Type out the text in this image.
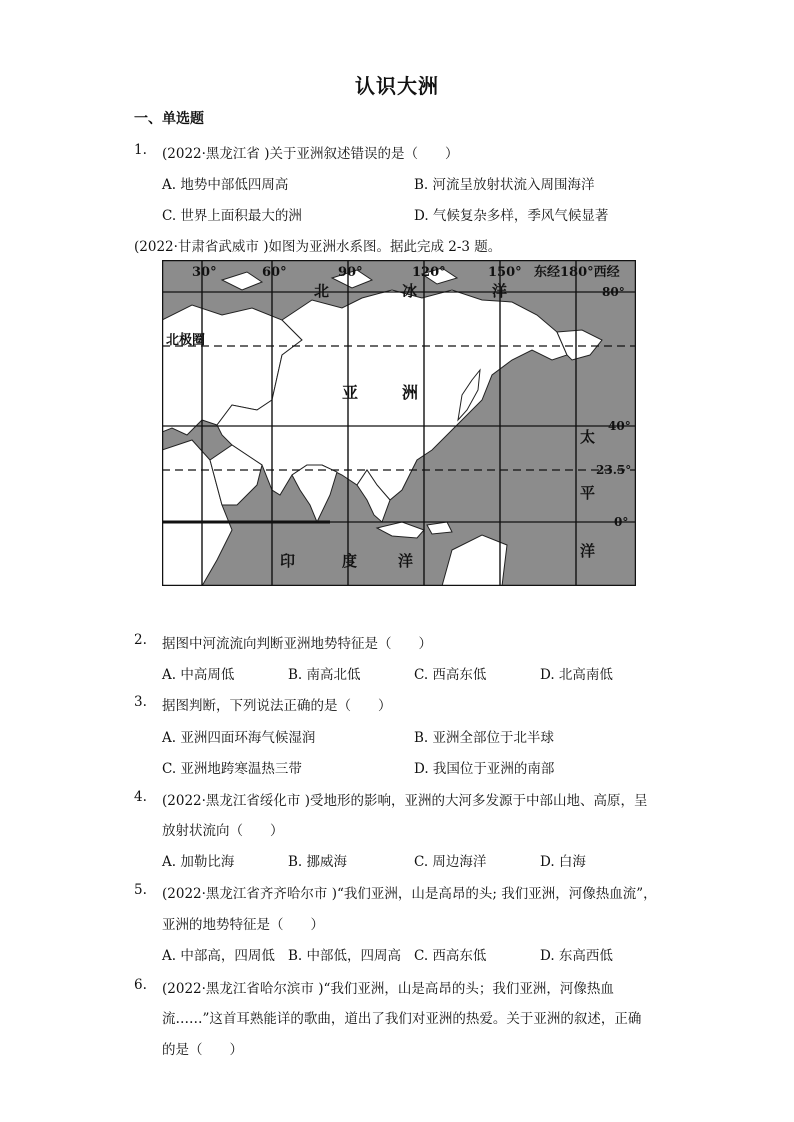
认识大洲
一、单选题
1. (2022·黑龙江省 )关于亚洲叙述错误的是（　　）
A. 地势中部低四周高	B. 河流呈放射状流入周围海洋
C. 世界上面积最大的洲	D. 气候复杂多样，季风气候显著
(2022·甘肃省武威市 )如图为亚洲水系图。据此完成 2-3 题。
30°	60°	90°	120°	150° 东经180°西经
80°
40°
23.5°
0°
北	冰	洋
太
平
洋
印	度	洋
北极圈
亚	洲
2. 据图中河流流向判断亚洲地势特征是（　　）
A. 中高周低	B. 南高北低	C. 西高东低	D. 北高南低
3. 据图判断，下列说法正确的是（　　）
A. 亚洲四面环海气候湿润	B. 亚洲全部位于北半球
C. 亚洲地跨寒温热三带	D. 我国位于亚洲的南部
4. (2022·黑龙江省绥化市 )受地形的影响，亚洲的大河多发源于中部山地、高原，呈
放射状流向（　　）
A. 加勒比海	B. 挪威海	C. 周边海洋	D. 白海
5. (2022·黑龙江省齐齐哈尔市 )“我们亚洲，山是高昂的头; 我们亚洲，河像热血流”，
亚洲的地势特征是（　　）
A. 中部高，四周低 B. 中部低，四周高 C. 西高东低	D. 东高西低
6. (2022·黑龙江省哈尔滨市 )“我们亚洲，山是高昂的头；我们亚洲，河像热血
流……”这首耳熟能详的歌曲，道出了我们对亚洲的热爱。关于亚洲的叙述，正确
的是（　　）
